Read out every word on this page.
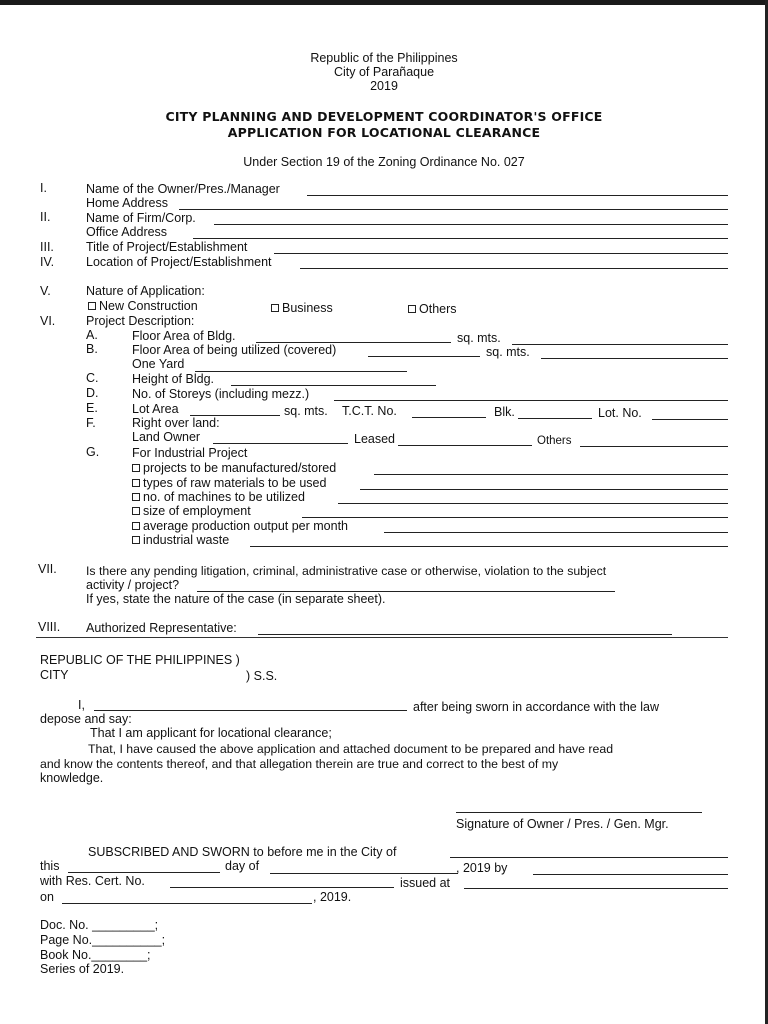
Republic of the Philippines
City of Parañaque
2019
CITY PLANNING AND DEVELOPMENT COORDINATOR'S OFFICE
APPLICATION FOR LOCATIONAL CLEARANCE
Under Section 19 of the Zoning Ordinance No. 027
I.	Name of the Owner/Pres./Manager
Home Address
II.	Name of Firm/Corp.
Office Address
III.	Title of Project/Establishment
IV.	Location of Project/Establishment
V.	Nature of Application:
New Construction	Business	Others
VI. Project Description:
A.	Floor Area of Bldg.	sq. mts.
B.	Floor Area of being utilized (covered)	sq. mts.
One Yard
C.	Height of Bldg.
D.	No. of Storeys (including mezz.)
E.	Lot Area	sq. mts. T.C.T. No.	Blk.	Lot. No.
F.	Right over land:
Land Owner	Leased	Others
G.	For Industrial Project
projects to be manufactured/stored
types of raw materials to be used
no. of machines to be utilized
size of employment
average production output per month
industrial waste
VII. Is there any pending litigation, criminal, administrative case or otherwise, violation to the subject
activity / project?
If yes, state the nature of the case (in separate sheet).
VIII. Authorized Representative:
REPUBLIC OF THE PHILIPPINES )
CITY	) S.S.
I,	after being sworn in accordance with the law
depose and say:
That I am applicant for locational clearance;
That, I have caused the above application and attached document to be prepared and have read
and know the contents thereof, and that allegation therein are true and correct to the best of my
knowledge.
Signature of Owner / Pres. / Gen. Mgr.
SUBSCRIBED AND SWORN to before me in the City of
this	day of	, 2019 by
with Res. Cert. No.	issued at
on	, 2019.
Doc. No. _________;
Page No.__________;
Book No.________;
Series of 2019.
